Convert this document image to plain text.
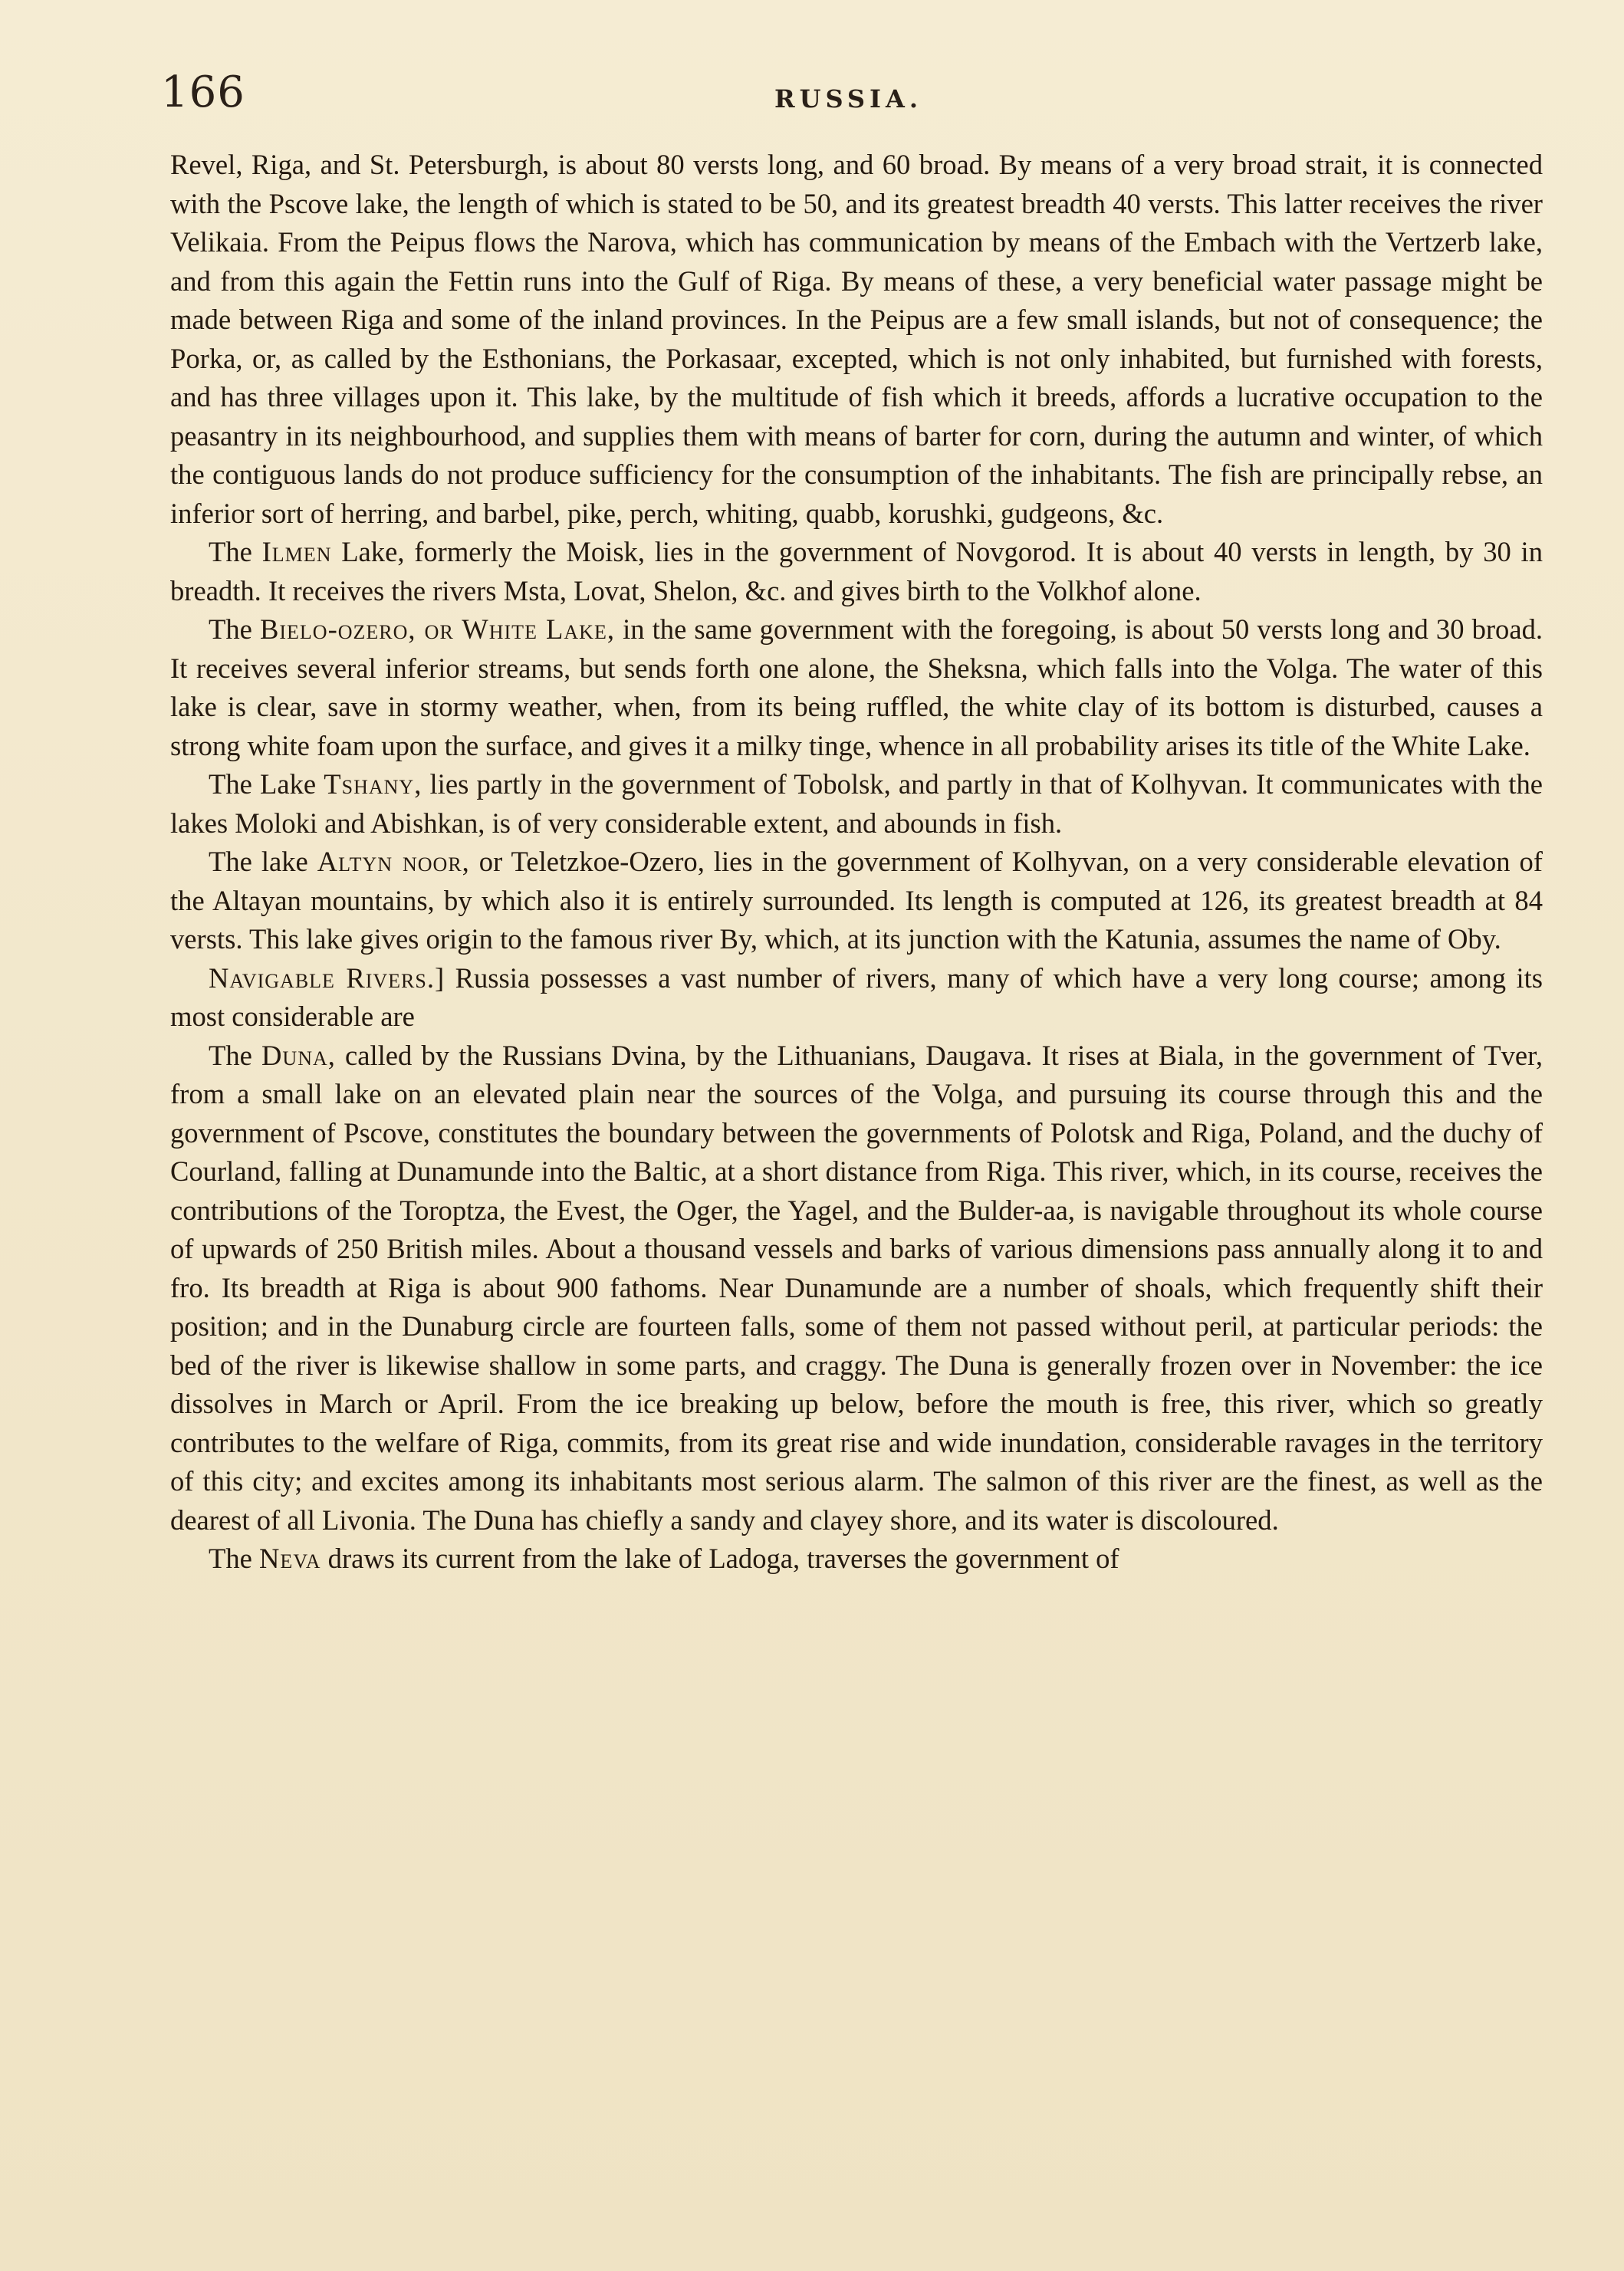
166	RUSSIA.

Revel, Riga, and St. Petersburgh, is about 80 versts long, and 60 broad. By means of a very broad strait, it is connected with the Pscove lake, the length of which is stated to be 50, and its greatest breadth 40 versts. This latter receives the river Velikaia. From the Peipus flows the Narova, which has communication by means of the Embach with the Vertzerb lake, and from this again the Fettin runs into the Gulf of Riga. By means of these, a very beneficial water passage might be made between Riga and some of the inland provinces. In the Peipus are a few small islands, but not of consequence; the Porka, or, as called by the Esthonians, the Porkasaar, excepted, which is not only inhabited, but furnished with forests, and has three villages upon it. This lake, by the multitude of fish which it breeds, affords a lucrative occupation to the peasantry in its neighbourhood, and supplies them with means of barter for corn, during the autumn and winter, of which the contiguous lands do not produce sufficiency for the consumption of the inhabitants. The fish are principally rebse, an inferior sort of herring, and barbel, pike, perch, whiting, quabb, korushki, gudgeons, &c.

The Ilmen Lake, formerly the Moisk, lies in the government of Novgorod. It is about 40 versts in length, by 30 in breadth. It receives the rivers Msta, Lovat, Shelon, &c. and gives birth to the Volkhof alone.

The Bielo-ozero, or White Lake, in the same government with the foregoing, is about 50 versts long and 30 broad. It receives several inferior streams, but sends forth one alone, the Sheksna, which falls into the Volga. The water of this lake is clear, save in stormy weather, when, from its being ruffled, the white clay of its bottom is disturbed, causes a strong white foam upon the surface, and gives it a milky tinge, whence in all probability arises its title of the White Lake.

The Lake Tshany, lies partly in the government of Tobolsk, and partly in that of Kolhyvan. It communicates with the lakes Moloki and Abishkan, is of very considerable extent, and abounds in fish.

The lake Altyn noor, or Teletzkoe-Ozero, lies in the government of Kolhyvan, on a very considerable elevation of the Altayan mountains, by which also it is entirely surrounded. Its length is computed at 126, its greatest breadth at 84 versts. This lake gives origin to the famous river By, which, at its junction with the Katunia, assumes the name of Oby.

Navigable Rivers.] Russia possesses a vast number of rivers, many of which have a very long course; among its most considerable are

The Duna, called by the Russians Dvina, by the Lithuanians, Daugava. It rises at Biala, in the government of Tver, from a small lake on an elevated plain near the sources of the Volga, and pursuing its course through this and the government of Pscove, constitutes the boundary between the governments of Polotsk and Riga, Poland, and the duchy of Courland, falling at Dunamunde into the Baltic, at a short distance from Riga. This river, which, in its course, receives the contributions of the Toroptza, the Evest, the Oger, the Yagel, and the Bulder-aa, is navigable throughout its whole course of upwards of 250 British miles. About a thousand vessels and barks of various dimensions pass annually along it to and fro. Its breadth at Riga is about 900 fathoms. Near Dunamunde are a number of shoals, which frequently shift their position; and in the Dunaburg circle are fourteen falls, some of them not passed without peril, at particular periods: the bed of the river is likewise shallow in some parts, and craggy. The Duna is generally frozen over in November: the ice dissolves in March or April. From the ice breaking up below, before the mouth is free, this river, which so greatly contributes to the welfare of Riga, commits, from its great rise and wide inundation, considerable ravages in the territory of this city; and excites among its inhabitants most serious alarm. The salmon of this river are the finest, as well as the dearest of all Livonia. The Duna has chiefly a sandy and clayey shore, and its water is discoloured.

The Neva draws its current from the lake of Ladoga, traverses the government of
